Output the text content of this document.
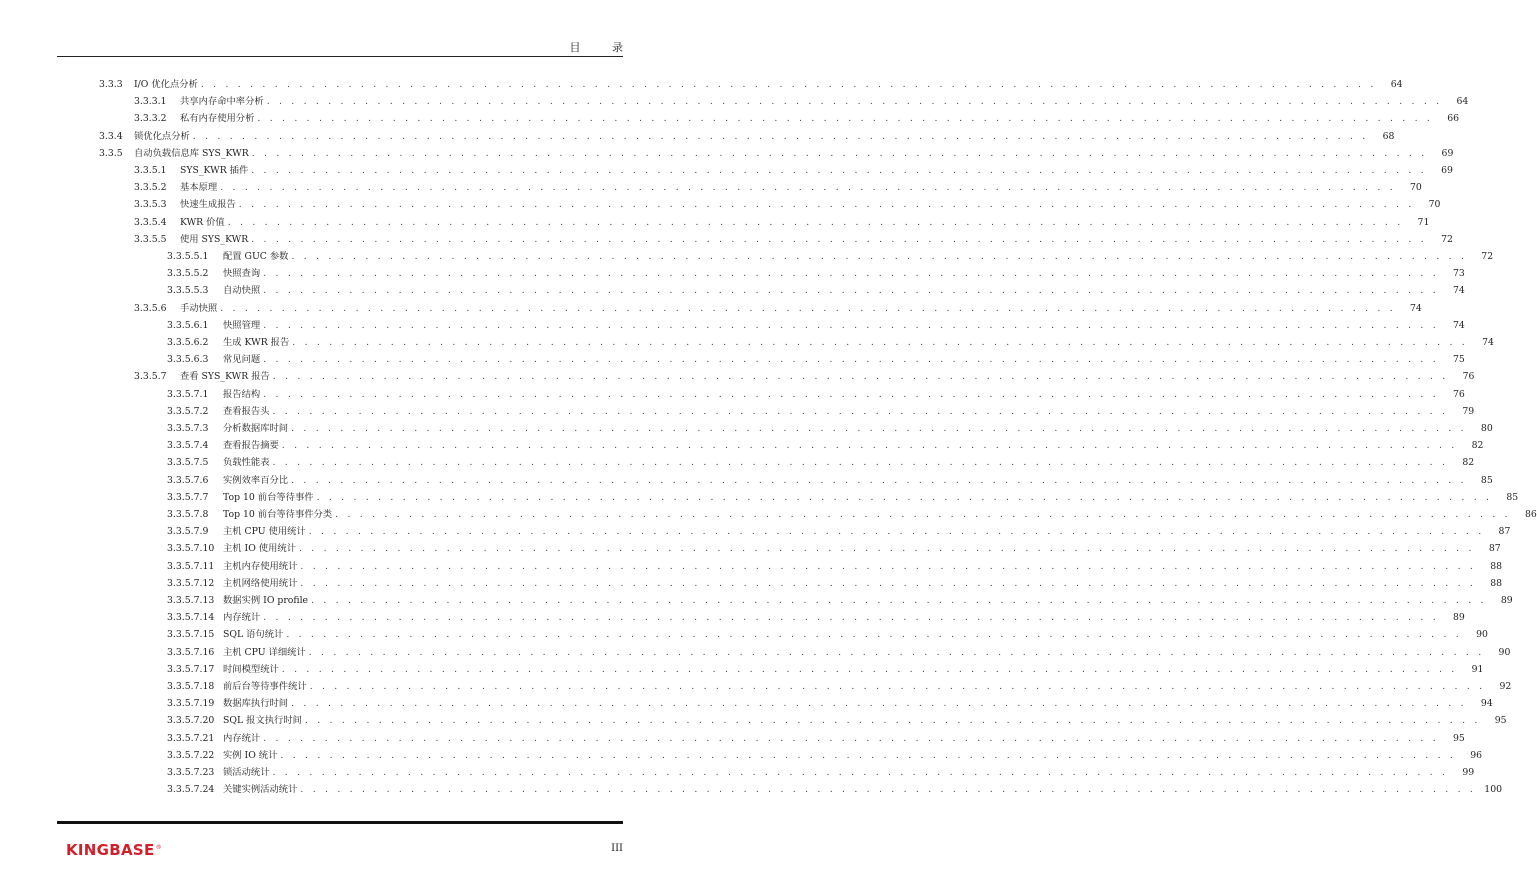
目 录
3.3.3 I/O 优化点分析 . . . . . . . . . . . . . . . . . . . . . . . . . . . . . . . . . . . . . . . . . . . . . . . . . . . . . . . . . . . . . . . . . . . . . . . . . . . . . . . . . . . . . . . . . . . . . . . .	64
3.3.3.1 共享内存命中率分析 . . . . . . . . . . . . . . . . . . . . . . . . . . . . . . . . . . . . . . . . . . . . . . . . . . . . . . . . . . . . . . . . . . . . . . . . . . . . . . . . . . . . . . . . . . . . . . . .	64
3.3.3.2 私有内存使用分析 . . . . . . . . . . . . . . . . . . . . . . . . . . . . . . . . . . . . . . . . . . . . . . . . . . . . . . . . . . . . . . . . . . . . . . . . . . . . . . . . . . . . . . . . . . . . . . . .	66
3.3.4 锁优化点分析 . . . . . . . . . . . . . . . . . . . . . . . . . . . . . . . . . . . . . . . . . . . . . . . . . . . . . . . . . . . . . . . . . . . . . . . . . . . . . . . . . . . . . . . . . . . . . . . .	68
3.3.5 自动负载信息库 SYS_KWR . . . . . . . . . . . . . . . . . . . . . . . . . . . . . . . . . . . . . . . . . . . . . . . . . . . . . . . . . . . . . . . . . . . . . . . . . . . . . . . . . . . . . . . . . . . . . . . .	69
3.3.5.1 SYS_KWR 插件 . . . . . . . . . . . . . . . . . . . . . . . . . . . . . . . . . . . . . . . . . . . . . . . . . . . . . . . . . . . . . . . . . . . . . . . . . . . . . . . . . . . . . . . . . . . . . . . .	69
3.3.5.2 基本原理 . . . . . . . . . . . . . . . . . . . . . . . . . . . . . . . . . . . . . . . . . . . . . . . . . . . . . . . . . . . . . . . . . . . . . . . . . . . . . . . . . . . . . . . . . . . . . . . .	70
3.3.5.3 快速生成报告 . . . . . . . . . . . . . . . . . . . . . . . . . . . . . . . . . . . . . . . . . . . . . . . . . . . . . . . . . . . . . . . . . . . . . . . . . . . . . . . . . . . . . . . . . . . . . . . .	70
3.3.5.4 KWR 价值 . . . . . . . . . . . . . . . . . . . . . . . . . . . . . . . . . . . . . . . . . . . . . . . . . . . . . . . . . . . . . . . . . . . . . . . . . . . . . . . . . . . . . . . . . . . . . . . .	71
3.3.5.5 使用 SYS_KWR . . . . . . . . . . . . . . . . . . . . . . . . . . . . . . . . . . . . . . . . . . . . . . . . . . . . . . . . . . . . . . . . . . . . . . . . . . . . . . . . . . . . . . . . . . . . . . . .	72
3.3.5.5.1 配置 GUC 参数 . . . . . . . . . . . . . . . . . . . . . . . . . . . . . . . . . . . . . . . . . . . . . . . . . . . . . . . . . . . . . . . . . . . . . . . . . . . . . . . . . . . . . . . . . . . . . . . .	72
3.3.5.5.2 快照查询 . . . . . . . . . . . . . . . . . . . . . . . . . . . . . . . . . . . . . . . . . . . . . . . . . . . . . . . . . . . . . . . . . . . . . . . . . . . . . . . . . . . . . . . . . . . . . . . .	73
3.3.5.5.3 自动快照 . . . . . . . . . . . . . . . . . . . . . . . . . . . . . . . . . . . . . . . . . . . . . . . . . . . . . . . . . . . . . . . . . . . . . . . . . . . . . . . . . . . . . . . . . . . . . . . .	74
3.3.5.6 手动快照 . . . . . . . . . . . . . . . . . . . . . . . . . . . . . . . . . . . . . . . . . . . . . . . . . . . . . . . . . . . . . . . . . . . . . . . . . . . . . . . . . . . . . . . . . . . . . . . .	74
3.3.5.6.1 快照管理 . . . . . . . . . . . . . . . . . . . . . . . . . . . . . . . . . . . . . . . . . . . . . . . . . . . . . . . . . . . . . . . . . . . . . . . . . . . . . . . . . . . . . . . . . . . . . . . .	74
3.3.5.6.2 生成 KWR 报告 . . . . . . . . . . . . . . . . . . . . . . . . . . . . . . . . . . . . . . . . . . . . . . . . . . . . . . . . . . . . . . . . . . . . . . . . . . . . . . . . . . . . . . . . . . . . . . . .	74
3.3.5.6.3 常见问题 . . . . . . . . . . . . . . . . . . . . . . . . . . . . . . . . . . . . . . . . . . . . . . . . . . . . . . . . . . . . . . . . . . . . . . . . . . . . . . . . . . . . . . . . . . . . . . . .	75
3.3.5.7 查看 SYS_KWR 报告 . . . . . . . . . . . . . . . . . . . . . . . . . . . . . . . . . . . . . . . . . . . . . . . . . . . . . . . . . . . . . . . . . . . . . . . . . . . . . . . . . . . . . . . . . . . . . . . .	76
3.3.5.7.1 报告结构 . . . . . . . . . . . . . . . . . . . . . . . . . . . . . . . . . . . . . . . . . . . . . . . . . . . . . . . . . . . . . . . . . . . . . . . . . . . . . . . . . . . . . . . . . . . . . . . .	76
3.3.5.7.2 查看报告头 . . . . . . . . . . . . . . . . . . . . . . . . . . . . . . . . . . . . . . . . . . . . . . . . . . . . . . . . . . . . . . . . . . . . . . . . . . . . . . . . . . . . . . . . . . . . . . . .	79
3.3.5.7.3 分析数据库时间 . . . . . . . . . . . . . . . . . . . . . . . . . . . . . . . . . . . . . . . . . . . . . . . . . . . . . . . . . . . . . . . . . . . . . . . . . . . . . . . . . . . . . . . . . . . . . . . .	80
3.3.5.7.4 查看报告摘要 . . . . . . . . . . . . . . . . . . . . . . . . . . . . . . . . . . . . . . . . . . . . . . . . . . . . . . . . . . . . . . . . . . . . . . . . . . . . . . . . . . . . . . . . . . . . . . . .	82
3.3.5.7.5 负载性能表 . . . . . . . . . . . . . . . . . . . . . . . . . . . . . . . . . . . . . . . . . . . . . . . . . . . . . . . . . . . . . . . . . . . . . . . . . . . . . . . . . . . . . . . . . . . . . . . .	82
3.3.5.7.6 实例效率百分比 . . . . . . . . . . . . . . . . . . . . . . . . . . . . . . . . . . . . . . . . . . . . . . . . . . . . . . . . . . . . . . . . . . . . . . . . . . . . . . . . . . . . . . . . . . . . . . . .	85
3.3.5.7.7 Top 10 前台等待事件 . . . . . . . . . . . . . . . . . . . . . . . . . . . . . . . . . . . . . . . . . . . . . . . . . . . . . . . . . . . . . . . . . . . . . . . . . . . . . . . . . . . . . . . . . . . . . . . .	85
3.3.5.7.8 Top 10 前台等待事件分类 . . . . . . . . . . . . . . . . . . . . . . . . . . . . . . . . . . . . . . . . . . . . . . . . . . . . . . . . . . . . . . . . . . . . . . . . . . . . . . . . . . . . . . . . . . . . . . . .	86
3.3.5.7.9 主机 CPU 使用统计 . . . . . . . . . . . . . . . . . . . . . . . . . . . . . . . . . . . . . . . . . . . . . . . . . . . . . . . . . . . . . . . . . . . . . . . . . . . . . . . . . . . . . . . . . . . . . . . .	87
3.3.5.7.10 主机 IO 使用统计 . . . . . . . . . . . . . . . . . . . . . . . . . . . . . . . . . . . . . . . . . . . . . . . . . . . . . . . . . . . . . . . . . . . . . . . . . . . . . . . . . . . . . . . . . . . . . . . .	87
3.3.5.7.11 主机内存使用统计 . . . . . . . . . . . . . . . . . . . . . . . . . . . . . . . . . . . . . . . . . . . . . . . . . . . . . . . . . . . . . . . . . . . . . . . . . . . . . . . . . . . . . . . . . . . . . . . .	88
3.3.5.7.12 主机网络使用统计 . . . . . . . . . . . . . . . . . . . . . . . . . . . . . . . . . . . . . . . . . . . . . . . . . . . . . . . . . . . . . . . . . . . . . . . . . . . . . . . . . . . . . . . . . . . . . . . .	88
3.3.5.7.13 数据实例 IO profile . . . . . . . . . . . . . . . . . . . . . . . . . . . . . . . . . . . . . . . . . . . . . . . . . . . . . . . . . . . . . . . . . . . . . . . . . . . . . . . . . . . . . . . . . . . . . . . .	89
3.3.5.7.14 内存统计 . . . . . . . . . . . . . . . . . . . . . . . . . . . . . . . . . . . . . . . . . . . . . . . . . . . . . . . . . . . . . . . . . . . . . . . . . . . . . . . . . . . . . . . . . . . . . . . .	89
3.3.5.7.15 SQL 语句统计 . . . . . . . . . . . . . . . . . . . . . . . . . . . . . . . . . . . . . . . . . . . . . . . . . . . . . . . . . . . . . . . . . . . . . . . . . . . . . . . . . . . . . . . . . . . . . . . .	90
3.3.5.7.16 主机 CPU 详细统计 . . . . . . . . . . . . . . . . . . . . . . . . . . . . . . . . . . . . . . . . . . . . . . . . . . . . . . . . . . . . . . . . . . . . . . . . . . . . . . . . . . . . . . . . . . . . . . . .	90
3.3.5.7.17 时间模型统计 . . . . . . . . . . . . . . . . . . . . . . . . . . . . . . . . . . . . . . . . . . . . . . . . . . . . . . . . . . . . . . . . . . . . . . . . . . . . . . . . . . . . . . . . . . . . . . . .	91
3.3.5.7.18 前后台等待事件统计 . . . . . . . . . . . . . . . . . . . . . . . . . . . . . . . . . . . . . . . . . . . . . . . . . . . . . . . . . . . . . . . . . . . . . . . . . . . . . . . . . . . . . . . . . . . . . . . .	92
3.3.5.7.19 数据库执行时间 . . . . . . . . . . . . . . . . . . . . . . . . . . . . . . . . . . . . . . . . . . . . . . . . . . . . . . . . . . . . . . . . . . . . . . . . . . . . . . . . . . . . . . . . . . . . . . . .	94
3.3.5.7.20 SQL 报文执行时间 . . . . . . . . . . . . . . . . . . . . . . . . . . . . . . . . . . . . . . . . . . . . . . . . . . . . . . . . . . . . . . . . . . . . . . . . . . . . . . . . . . . . . . . . . . . . . . . .	95
3.3.5.7.21 内存统计 . . . . . . . . . . . . . . . . . . . . . . . . . . . . . . . . . . . . . . . . . . . . . . . . . . . . . . . . . . . . . . . . . . . . . . . . . . . . . . . . . . . . . . . . . . . . . . . .	95
3.3.5.7.22 实例 IO 统计 . . . . . . . . . . . . . . . . . . . . . . . . . . . . . . . . . . . . . . . . . . . . . . . . . . . . . . . . . . . . . . . . . . . . . . . . . . . . . . . . . . . . . . . . . . . . . . . .	96
3.3.5.7.23 锁活动统计 . . . . . . . . . . . . . . . . . . . . . . . . . . . . . . . . . . . . . . . . . . . . . . . . . . . . . . . . . . . . . . . . . . . . . . . . . . . . . . . . . . . . . . . . . . . . . . . .	99
3.3.5.7.24 关键实例活动统计 . . . . . . . . . . . . . . . . . . . . . . . . . . . . . . . . . . . . . . . . . . . . . . . . . . . . . . . . . . . . . . . . . . . . . . . . . . . . . . . . . . . . . . . . . . . . . . . . 100
KINGBASE®	III
